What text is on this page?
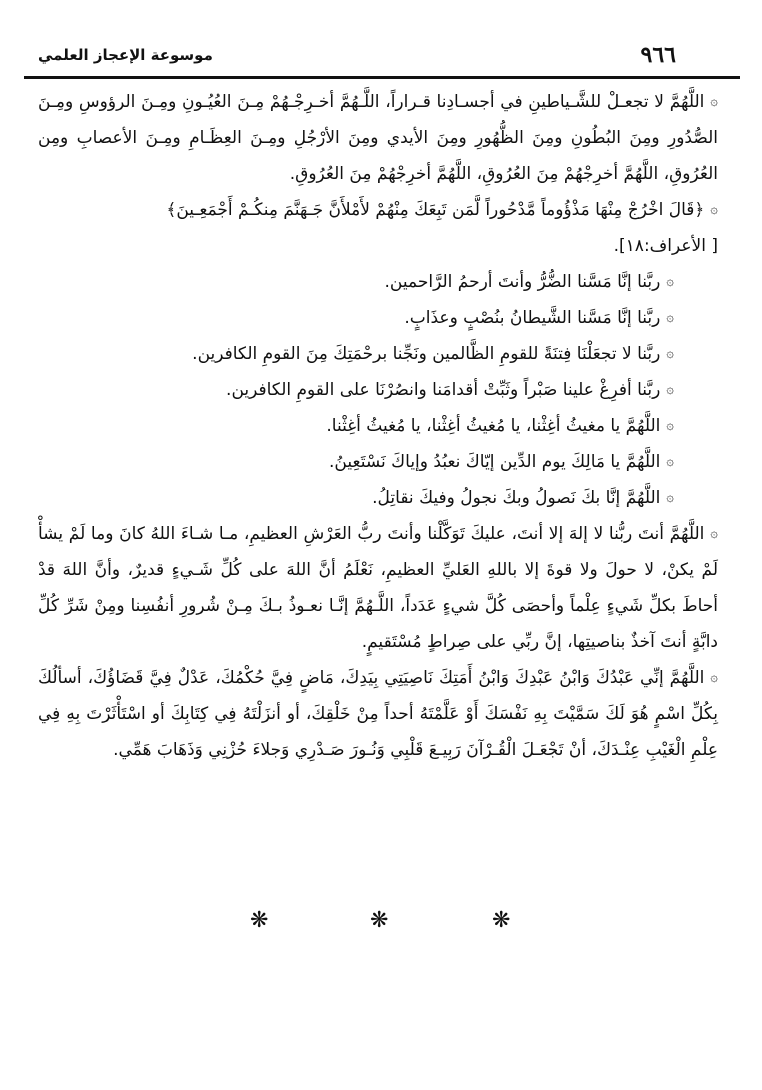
٩٦٦
موسوعة الإعجاز العلمي

۞اللَّهُمَّ لا تجعـلْ للشَّـياطينِ في أجسـادِنا قـراراً، اللَّـهُمَّ أخـرِجْـهُمْ مِـنَ العُيُـونِ ومِـنَ الرؤوسِ ومِـنَ الصُّدُورِ ومِنَ البُطُونِ ومِنَ الظُّهُورِ ومِنَ الأيدي ومِنَ الأرْجُلِ ومِـنَ العِظَـامِ ومِـنَ الأعصابِ ومِن العُرُوقِ، اللَّهُمَّ أخرِجْهُمْ مِنَ العُرُوقِ، اللَّهُمَّ أخرِجْهُمْ مِنَ العُرُوقِ.

۞﴿قَالَ اخْرُجْ مِنْهَا مَذْؤُوماً مَّدْحُوراً لَّمَن تَبِعَكَ مِنْهُمْ لأَمْلأَنَّ جَـهَنَّمَ مِنكُـمْ أَجْمَعِـينَ﴾

[ الأعراف:١٨].

۞ربَّنا إنَّا مَسَّنا الضُّرُّ وأنتَ أرحمُ الرَّاحمين.

۞ربَّنا إنَّا مَسَّنا الشَّيطانُ بنُصْبٍ وعذَابٍ.

۞ربَّنا لا تجعَلْنَا فِتنَةً للقومِ الظَّالمين ونَجِّنا برحْمَتِكَ مِنَ القومِ الكافرين.

۞ربَّنا أفرِغْ علينا صَبْراً وثَبِّتْ أقدامَنا وانصُرْنَا على القومِ الكافرين.

۞اللَّهُمَّ يا مغيثُ أغِثْنا، يا مُغيثُ أغِثْنا، يا مُغيثُ أغِثْنا.

۞اللَّهُمَّ يا مَالِكَ يوم الدِّين إيّاكَ نعبُدُ وإياكَ نَسْتَعِينُ.

۞اللَّهُمَّ إنَّا بكَ نَصولُ وبكَ نجولُ وفيكَ نقاتِلُ.

۞اللَّهُمَّ أنتَ ربُّنا لا إلهَ إلا أنتَ، عليكَ تَوَكَّلْنا وأنتَ ربُّ العَرْشِ العظيمِ، مـا شـاءَ اللهُ كانَ وما لَمْ يشأْ لَمْ يكنْ، لا حولَ ولا قوةَ إلا باللهِ العَليِّ العظيمِ، نَعْلَمُ أنَّ اللهَ على كُلِّ شَـيءٍ قديرٌ، وأنَّ اللهَ قدْ أحاطَ بكلِّ شَيءٍ عِلْماً وأحصَى كُلَّ شيءٍ عَدَداً، اللَّـهُمَّ إنَّـا نعـوذُ بـكَ مِـنْ شُرورِ أنفُسِنا ومِنْ شَرِّ كُلِّ دابَّةٍ أنتَ آخذٌ بناصيتِها، إنَّ ربِّي على صِراطٍ مُسْتَقيمٍ.

۞اللَّهُمَّ إنِّي عَبْدُكَ وَابْنُ عَبْدِكَ وَابْنُ أَمَتِكَ نَاصِيَتِي بِيَدِكَ، مَاضٍ فِيَّ حُكْمُكَ، عَدْلٌ فِيَّ قَضَاؤُكَ، أسألُكَ بِكُلِّ اسْمٍ هُوَ لَكَ سَمَّيْتَ بِهِ نَفْسَكَ أَوْ عَلَّمْتَهُ أحداً مِنْ خَلْقِكَ، أو أنزَلْتَهُ فِي كِتَابِكَ أو اسْتَأْثَرْتَ بِهِ فِي عِلْمِ الْغَيْبِ عِنْـدَكَ، أنْ تَجْعَـلَ الْقُـرْآنَ رَبِيـعَ قَلْبِي وَنُـورَ صَـدْرِي وَجلاءَ حُزْنِي وَذَهَابَ هَمِّي.

❋	❋	❋
